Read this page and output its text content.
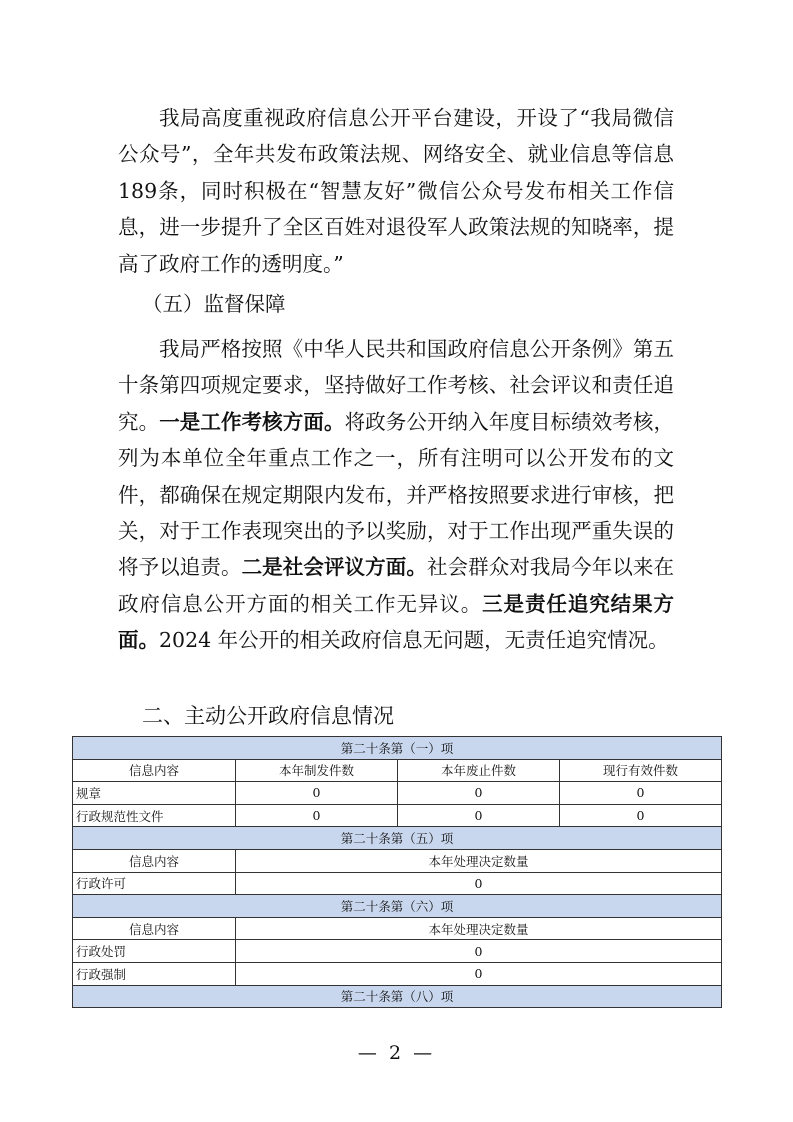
我局高度重视政府信息公开平台建设，开设了“我局微信公众号”，全年共发布政策法规、网络安全、就业信息等信息189条，同时积极在“智慧友好”微信公众号发布相关工作信息，进一步提升了全区百姓对退役军人政策法规的知晓率，提高了政府工作的透明度。”

（五）监督保障

我局严格按照《中华人民共和国政府信息公开条例》第五十条第四项规定要求，坚持做好工作考核、社会评议和责任追究。一是工作考核方面。将政务公开纳入年度目标绩效考核，列为本单位全年重点工作之一，所有注明可以公开发布的文件，都确保在规定期限内发布，并严格按照要求进行审核，把关，对于工作表现突出的予以奖励，对于工作出现严重失误的将予以追责。二是社会评议方面。社会群众对我局今年以来在政府信息公开方面的相关工作无异议。三是责任追究结果方面。2024 年公开的相关政府信息无问题，无责任追究情况。

二、主动公开政府信息情况
第二十条第（一）项			
信息内容	本年制发件数	本年废止件数	现行有效件数
规章	0	0	0
行政规范性文件	0	0	0
第二十条第（五）项			
信息内容	本年处理决定数量		
行政许可	0		
第二十条第（六）项			
信息内容	本年处理决定数量		
行政处罚	0		
行政强制	0		
第二十条第（八）项			
— 2 —
